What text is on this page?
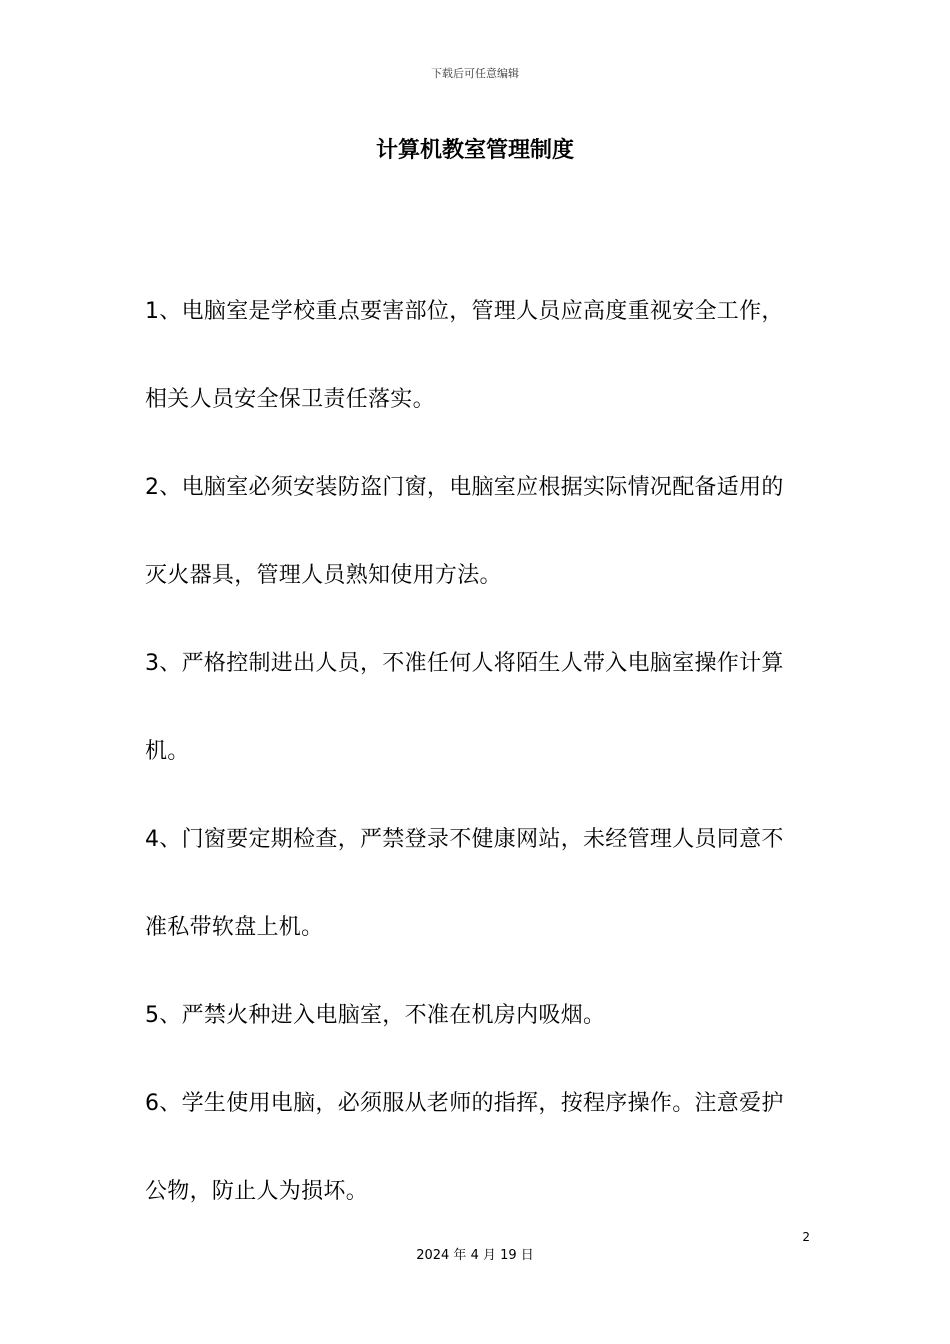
下载后可任意编辑
计算机教室管理制度
1、电脑室是学校重点要害部位，管理人员应高度重视安全工作，
相关人员安全保卫责任落实。
2、电脑室必须安装防盗门窗，电脑室应根据实际情况配备适用的
灭火器具，管理人员熟知使用方法。
3、严格控制进出人员，不准任何人将陌生人带入电脑室操作计算
机。
4、门窗要定期检查，严禁登录不健康网站，未经管理人员同意不
准私带软盘上机。
5、严禁火种进入电脑室，不准在机房内吸烟。
6、学生使用电脑，必须服从老师的指挥，按程序操作。注意爱护
公物，防止人为损坏。
2
2024 年 4 月 19 日
